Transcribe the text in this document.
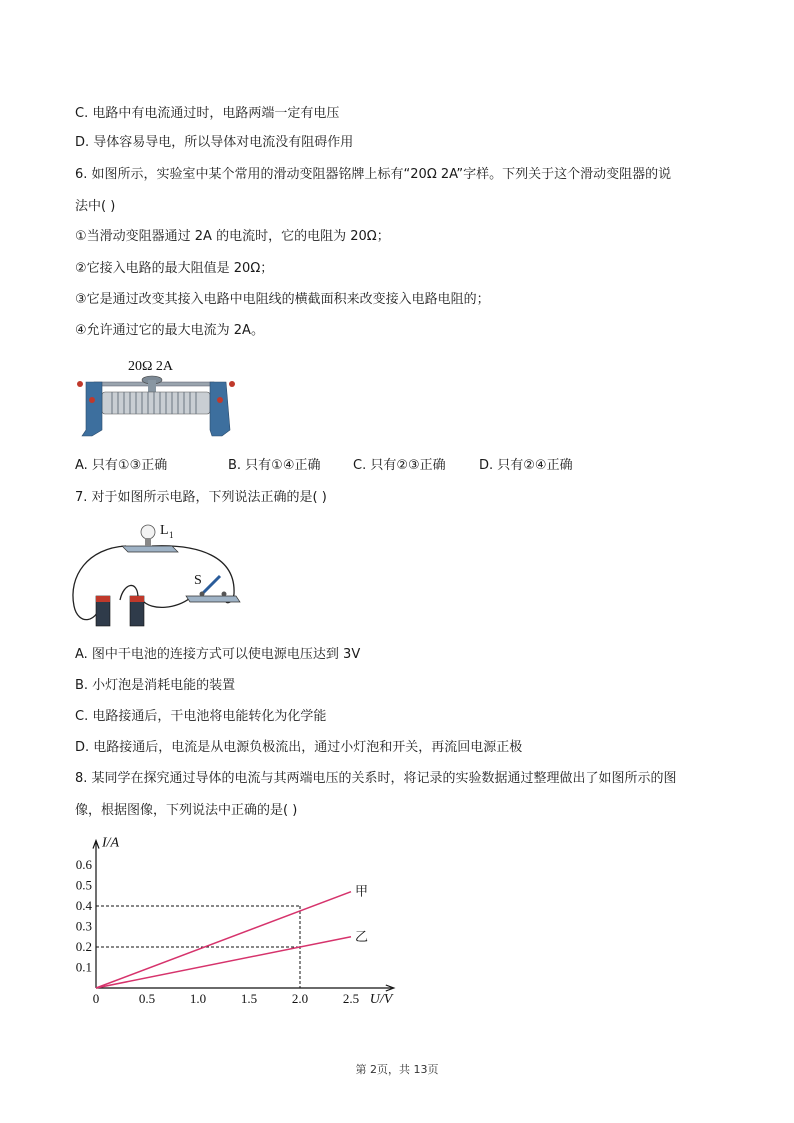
C. 电路中有电流通过时，电路两端一定有电压
D. 导体容易导电，所以导体对电流没有阻碍作用
6. 如图所示，实验室中某个常用的滑动变阻器铭牌上标有“20Ω 2A”字样。下列关于这个滑动变阻器的说
法中( )
①当滑动变阻器通过 2A 的电流时，它的电阻为 20Ω；
②它接入电路的最大阻值是 20Ω；
③它是通过改变其接入电路中电阻线的横截面积来改变接入电路电阻的；
④允许通过它的最大电流为 2A。
20Ω 2A
A. 只有①③正确	B. 只有①④正确	C. 只有②③正确	D. 只有②④正确
7. 对于如图所示电路，下列说法正确的是( )
L 1
S
A. 图中干电池的连接方式可以使电源电压达到 3V
B. 小灯泡是消耗电能的装置
C. 电路接通后，干电池将电能转化为化学能
D. 电路接通后，电流是从电源负极流出，通过小灯泡和开关，再流回电源正极
8. 某同学在探究通过导体的电流与其两端电压的关系时，将记录的实验数据通过整理做出了如图所示的图
像，根据图像，下列说法中正确的是( )
I/A
U/V
0	0.5	1.0	1.5	2.0	2.5
0.1
0.2
0.3
0.4
0.5
0.6
甲
乙
第 2页，共 13页
